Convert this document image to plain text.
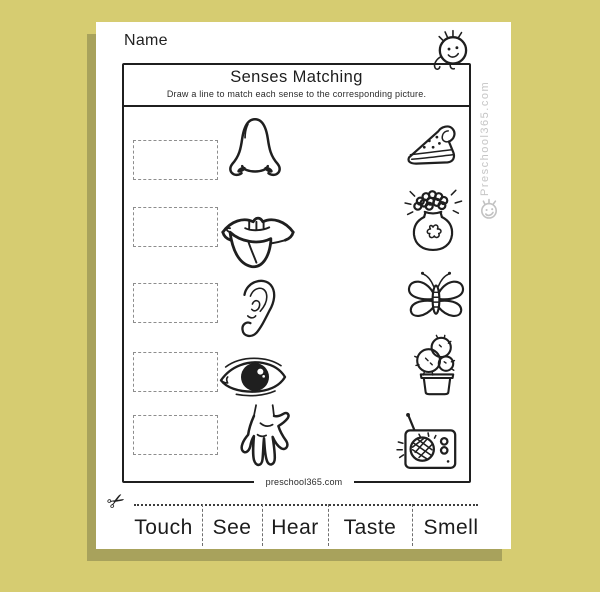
Name
Senses Matching
Draw a line to match each sense to the corresponding picture.
preschool365.com
Preschool365.com
✂
Touch See Hear	Taste	Smell
